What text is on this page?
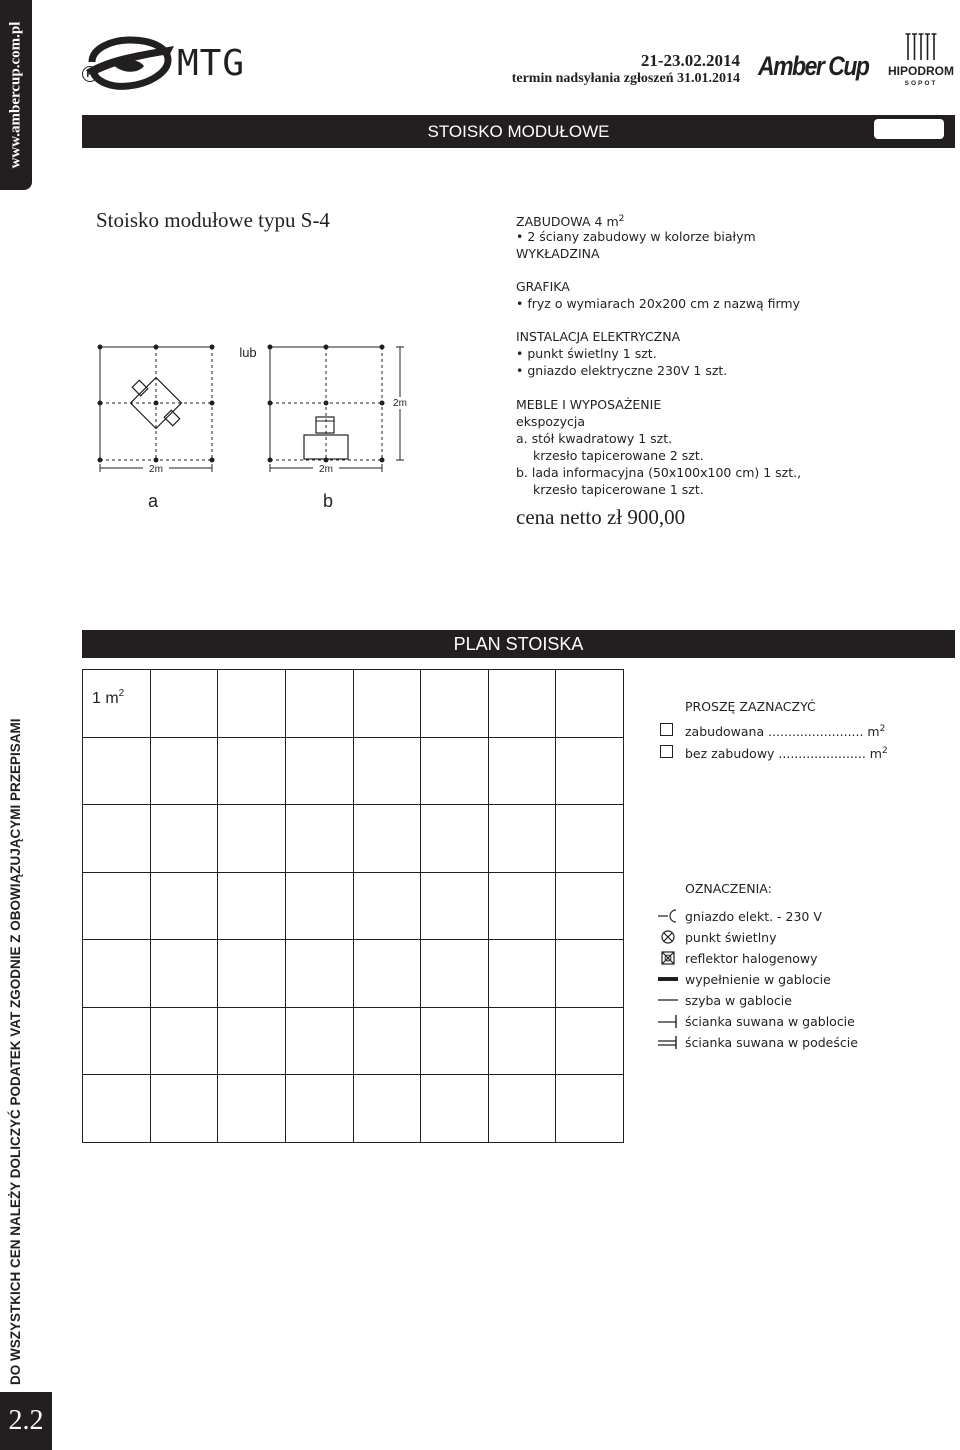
www.ambercup.com.pl
DO WSZYSTKICH CEN NALEŻY DOLICZYĆ PODATEK VAT ZGODNIE Z OBOWIĄZUJĄCYMI PRZEPISAMI
2.2
R MTG	21-23.02.2014
termin nadsyłania zgłoszeń 31.01.2014 Amber Cup HIPODROM
SOPOT
STOISKO MODUŁOWE
Stoisko modułowe typu S-4
2m	2m
2m
lub
a	b
ZABUDOWA 4 $m^2$
• 2 ściany zabudowy w kolorze białym
WYKŁADZINA
GRAFIKA
• fryz o wymiarach 20x200 cm z nazwą firmy
INSTALACJA ELEKTRYCZNA
• punkt świetlny 1 szt.
• gniazdo elektryczne 230V 1 szt.
MEBLE I WYPOSAŻENIE
ekspozycja
a. stół kwadratowy 1 szt.
krzesło tapicerowane 2 szt.
b. lada informacyjna (50x100x100 cm) 1 szt.,
krzesło tapicerowane 1 szt.
cena netto zł 900,00
PLAN STOISKA

1 $m^2$
PROSZĘ ZAZNACZYĆ
zabudowana ........................ $m^2$
bez zabudowy ...................... $m^2$
OZNACZENIA:
gniazdo elekt. - 230 V
punkt świetlny
reflektor halogenowy
wypełnienie w gablocie
szyba w gablocie
ścianka suwana w gablocie
ścianka suwana w podeście
